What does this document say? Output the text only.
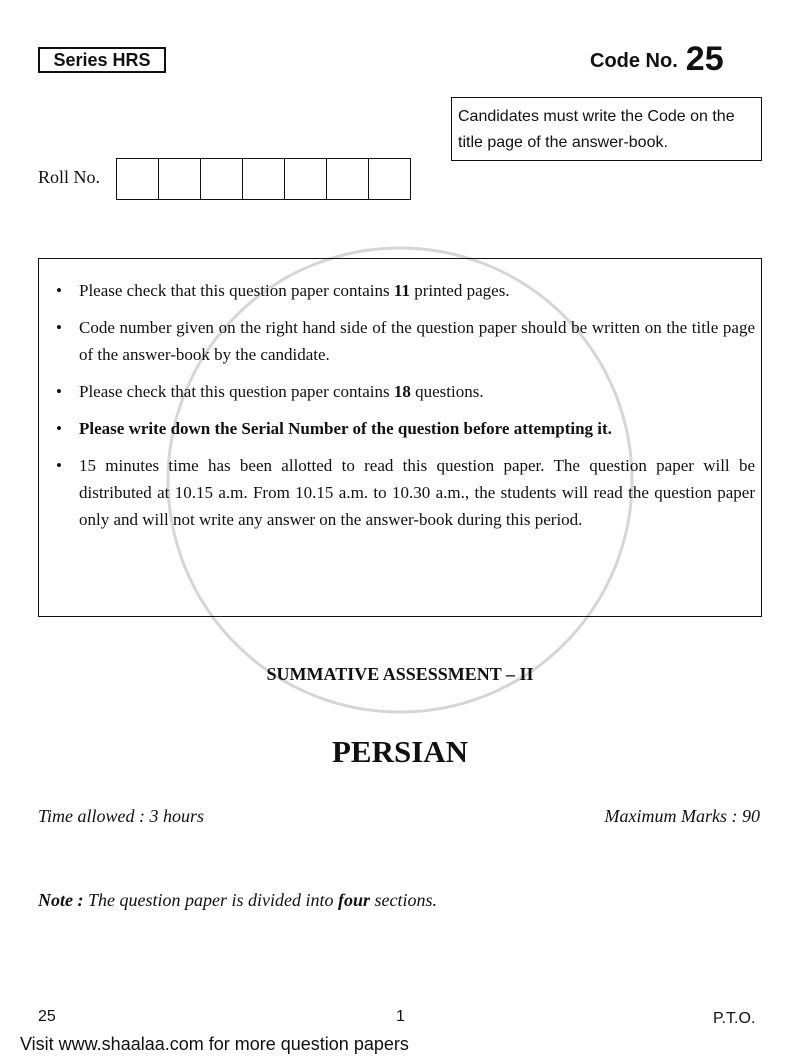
Series HRS	Code No. 25
Candidates must write the Code on the title page of the answer-book.
Roll No.
•	Please check that this question paper contains 11 printed pages.
•	Code number given on the right hand side of the question paper should be written on the title page of the answer-book by the candidate.
•	Please check that this question paper contains 18 questions.
•	Please write down the Serial Number of the question before attempting it.
•	15 minutes time has been allotted to read this question paper. The question paper will be distributed at 10.15 a.m. From 10.15 a.m. to 10.30 a.m., the students will read the question paper only and will not write any answer on the answer-book during this period.
SUMMATIVE ASSESSMENT – II
PERSIAN
Time allowed : 3 hours	Maximum Marks : 90
Note : The question paper is divided into four sections.
25	1	P.T.O.
Visit www.shaalaa.com for more question papers
